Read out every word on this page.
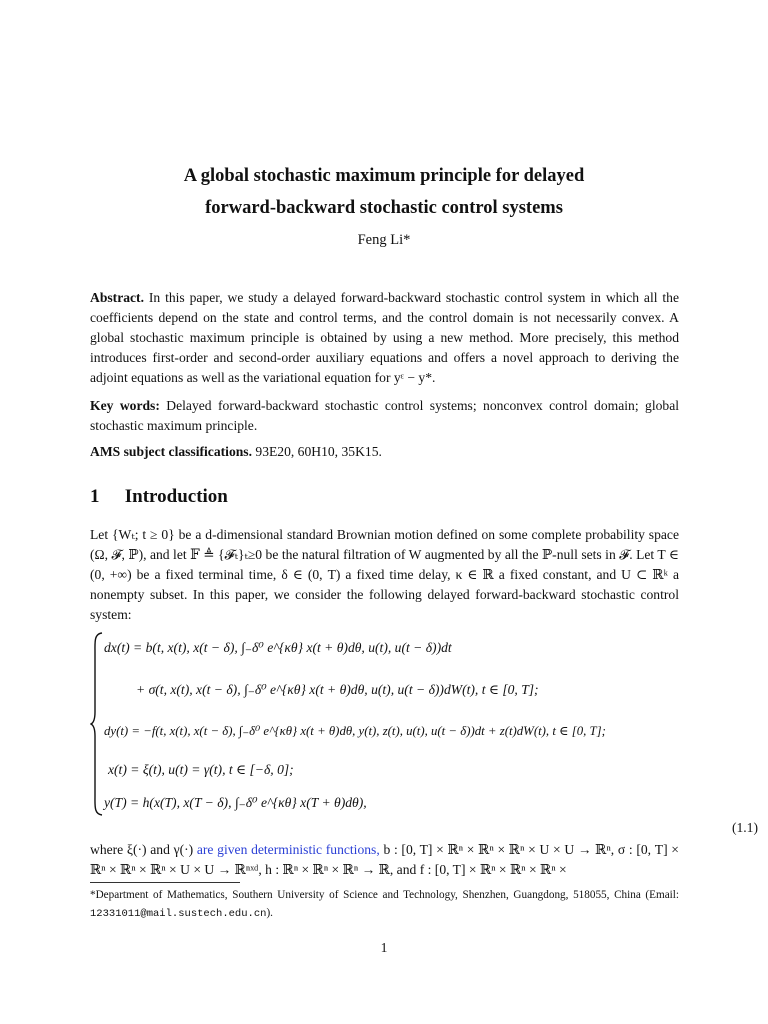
A global stochastic maximum principle for delayed
forward-backward stochastic control systems
Feng Li*
Abstract. In this paper, we study a delayed forward-backward stochastic control system in which all the coefficients depend on the state and control terms, and the control domain is not necessarily convex. A global stochastic maximum principle is obtained by using a new method. More precisely, this method introduces first-order and second-order auxiliary equations and offers a novel approach to deriving the adjoint equations as well as the variational equation for yᵋ − y*.
Key words: Delayed forward-backward stochastic control systems; nonconvex control domain; global stochastic maximum principle.
AMS subject classifications. 93E20, 60H10, 35K15.
1 Introduction
Let {Wₜ; t ≥ 0} be a d-dimensional standard Brownian motion defined on some complete probability space (Ω, 𝓕, ℙ), and let 𝔽 ≜ {𝓕ₜ}ₜ≥0 be the natural filtration of W augmented by all the ℙ-null sets in 𝓕. Let T ∈ (0, +∞) be a fixed terminal time, δ ∈ (0, T) a fixed time delay, κ ∈ ℝ a fixed constant, and U ⊂ ℝᵏ a nonempty subset. In this paper, we consider the following delayed forward-backward stochastic control system:
dx(t) = b(t, x(t), x(t − δ), ∫₋δ⁰ e^{κθ} x(t + θ)dθ, u(t), u(t − δ))dt
+ σ(t, x(t), x(t − δ), ∫₋δ⁰ e^{κθ} x(t + θ)dθ, u(t), u(t − δ))dW(t), t ∈ [0, T];
dy(t) = −f(t, x(t), x(t − δ), ∫₋δ⁰ e^{κθ} x(t + θ)dθ, y(t), z(t), u(t), u(t − δ))dt + z(t)dW(t), t ∈ [0, T];
x(t) = ξ(t), u(t) = γ(t), t ∈ [−δ, 0];
y(T) = h(x(T), x(T − δ), ∫₋δ⁰ e^{κθ} x(T + θ)dθ),
(1.1)
where ξ(·) and γ(·) are given deterministic functions, b : [0, T] × ℝⁿ × ℝⁿ × ℝⁿ × U × U → ℝⁿ, σ : [0, T] × ℝⁿ × ℝⁿ × ℝⁿ × U × U → ℝⁿˣᵈ, h : ℝⁿ × ℝⁿ × ℝⁿ → ℝ, and f : [0, T] × ℝⁿ × ℝⁿ × ℝⁿ ×
*Department of Mathematics, Southern University of Science and Technology, Shenzhen, Guangdong, 518055, China (Email: 12331011@mail.sustech.edu.cn).
1
